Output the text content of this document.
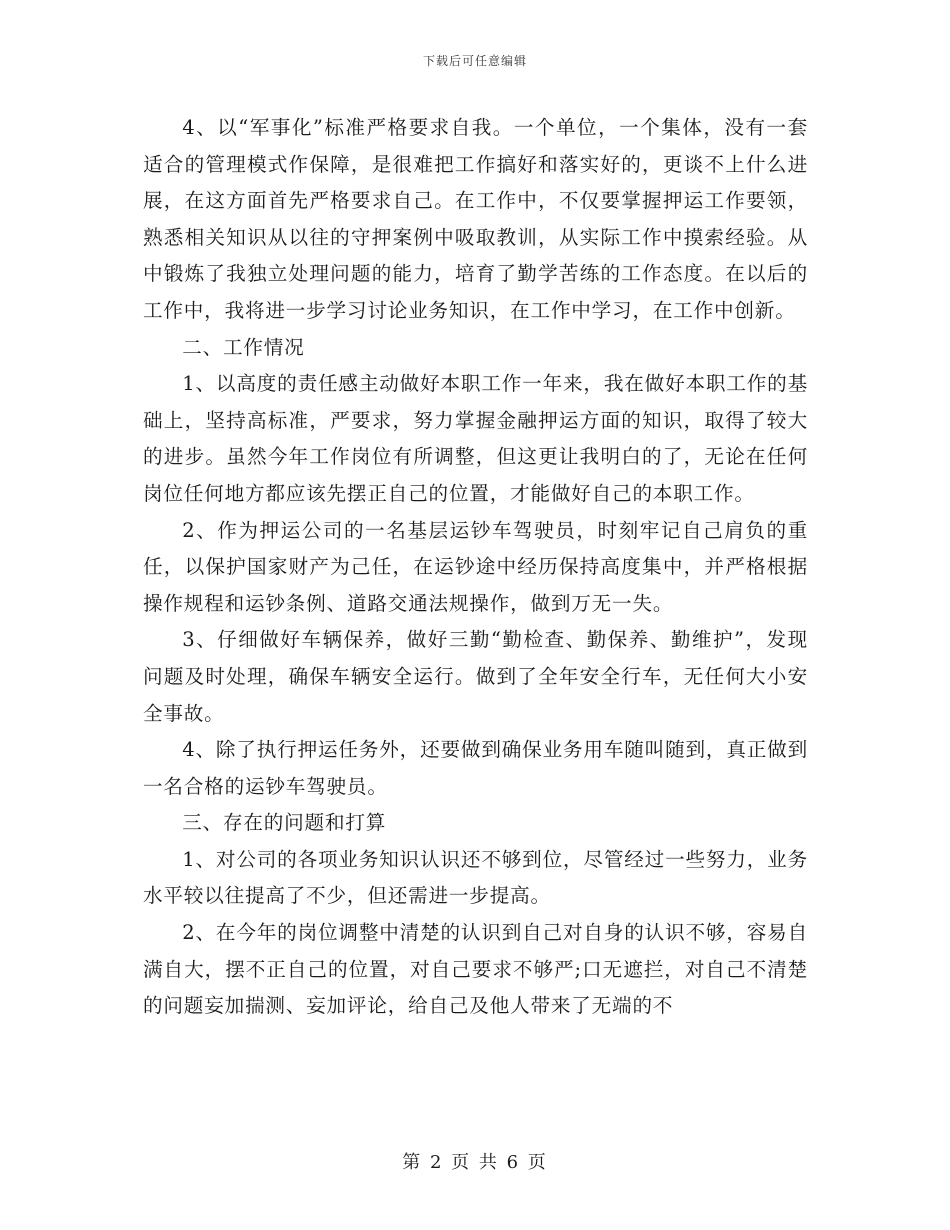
下载后可任意编辑

4、以“军事化”标准严格要求自我。一个单位，一个集体，没有一套适合的管理模式作保障，是很难把工作搞好和落实好的，更谈不上什么进展，在这方面首先严格要求自己。在工作中，不仅要掌握押运工作要领，熟悉相关知识从以往的守押案例中吸取教训，从实际工作中摸索经验。从中锻炼了我独立处理问题的能力，培育了勤学苦练的工作态度。在以后的工作中，我将进一步学习讨论业务知识，在工作中学习，在工作中创新。

二、工作情况

1、以高度的责任感主动做好本职工作一年来，我在做好本职工作的基础上，坚持高标准，严要求，努力掌握金融押运方面的知识，取得了较大的进步。虽然今年工作岗位有所调整，但这更让我明白的了，无论在任何岗位任何地方都应该先摆正自己的位置，才能做好自己的本职工作。

2、作为押运公司的一名基层运钞车驾驶员，时刻牢记自己肩负的重任，以保护国家财产为己任，在运钞途中经历保持高度集中，并严格根据操作规程和运钞条例、道路交通法规操作，做到万无一失。

3、仔细做好车辆保养，做好三勤“勤检查、勤保养、勤维护”，发现问题及时处理，确保车辆安全运行。做到了全年安全行车，无任何大小安全事故。

4、除了执行押运任务外，还要做到确保业务用车随叫随到，真正做到一名合格的运钞车驾驶员。

三、存在的问题和打算

1、对公司的各项业务知识认识还不够到位，尽管经过一些努力，业务水平较以往提高了不少，但还需进一步提高。

2、在今年的岗位调整中清楚的认识到自己对自身的认识不够，容易自满自大，摆不正自己的位置，对自己要求不够严;口无遮拦，对自己不清楚的问题妄加揣测、妄加评论，给自己及他人带来了无端的不

第 2 页 共 6 页
